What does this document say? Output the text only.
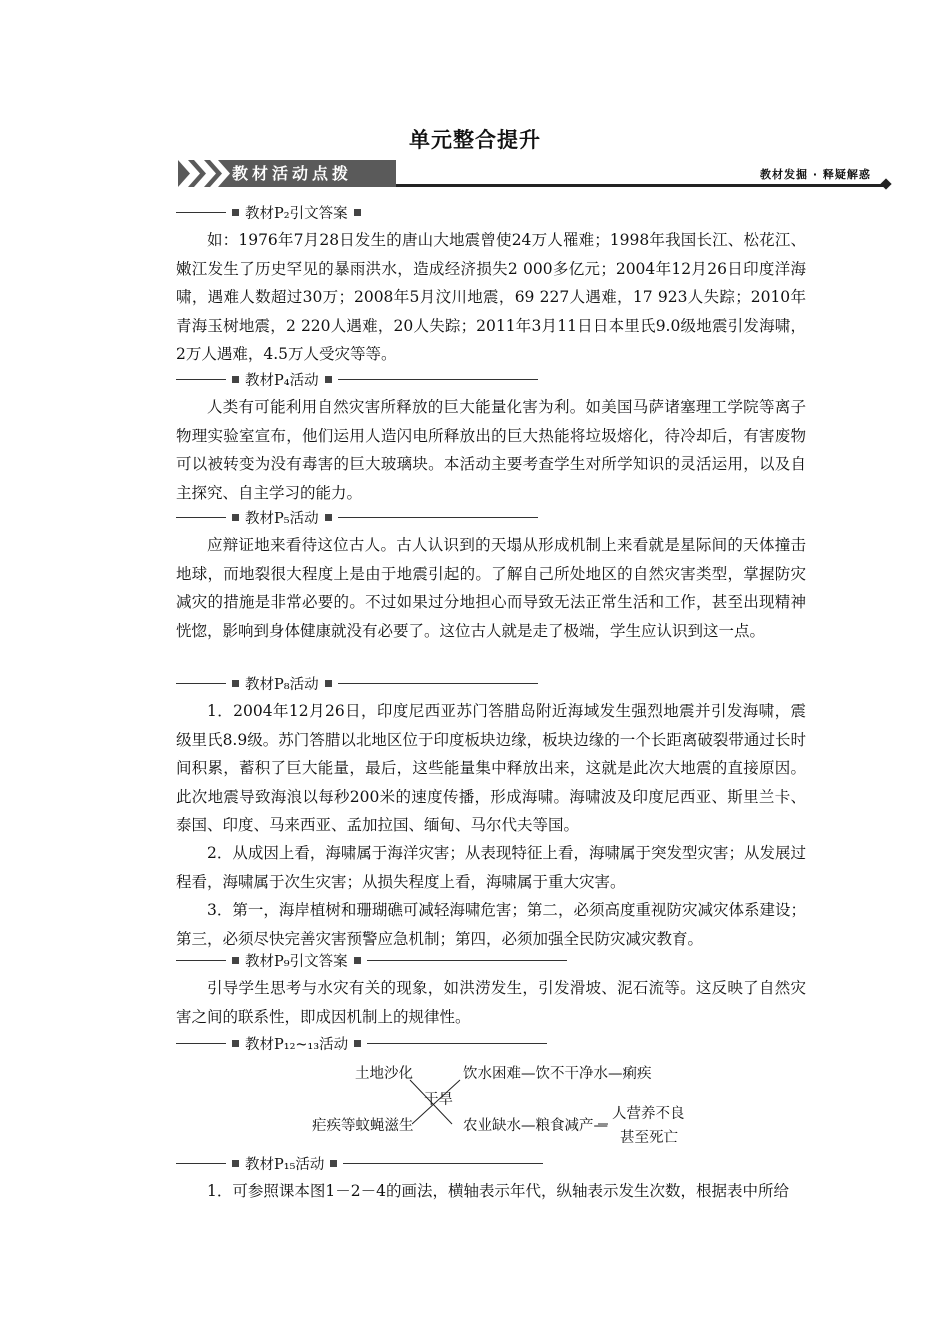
单元整合提升
教材活动点拨	教材发掘 · 释疑解惑
教材P₂引文答案

如：1976年7月28日发生的唐山大地震曾使24万人罹难；1998年我国长江、松花江、嫩江发生了历史罕见的暴雨洪水，造成经济损失2 000多亿元；2004年12月26日印度洋海啸，遇难人数超过30万；2008年5月汶川地震，69 227人遇难，17 923人失踪；2010年青海玉树地震，2 220人遇难，20人失踪；2011年3月11日日本里氏9.0级地震引发海啸，2万人遇难，4.5万人受灾等等。

教材P₄活动

人类有可能利用自然灾害所释放的巨大能量化害为利。如美国马萨诸塞理工学院等离子物理实验室宣布，他们运用人造闪电所释放出的巨大热能将垃圾熔化，待冷却后，有害废物可以被转变为没有毒害的巨大玻璃块。本活动主要考查学生对所学知识的灵活运用，以及自主探究、自主学习的能力。

教材P₅活动

应辩证地来看待这位古人。古人认识到的天塌从形成机制上来看就是星际间的天体撞击地球，而地裂很大程度上是由于地震引起的。了解自己所处地区的自然灾害类型，掌握防灾减灾的措施是非常必要的。不过如果过分地担心而导致无法正常生活和工作，甚至出现精神恍惚，影响到身体健康就没有必要了。这位古人就是走了极端，学生应认识到这一点。

教材P₈活动

1．2004年12月26日，印度尼西亚苏门答腊岛附近海域发生强烈地震并引发海啸，震级里氏8.9级。苏门答腊以北地区位于印度板块边缘，板块边缘的一个长距离破裂带通过长时间积累，蓄积了巨大能量，最后，这些能量集中释放出来，这就是此次大地震的直接原因。此次地震导致海浪以每秒200米的速度传播，形成海啸。海啸波及印度尼西亚、斯里兰卡、泰国、印度、马来西亚、孟加拉国、缅甸、马尔代夫等国。

2．从成因上看，海啸属于海洋灾害；从表现特征上看，海啸属于突发型灾害；从发展过程看，海啸属于次生灾害；从损失程度上看，海啸属于重大灾害。

3．第一，海岸植树和珊瑚礁可减轻海啸危害；第二，必须高度重视防灾减灾体系建设；第三，必须尽快完善灾害预警应急机制；第四，必须加强全民防灾减灾教育。

教材P₉引文答案

引导学生思考与水灾有关的现象，如洪涝发生，引发滑坡、泥石流等。这反映了自然灾害之间的联系性，即成因机制上的规律性。

教材P₁₂~₁₃活动
土地沙化
干旱
饮水困难—饮不干净水—痢疾
疟疾等蚊蝇滋生	农业缺水—粮食减产—
人营养不良
甚至死亡
教材P₁₅活动

1．可参照课本图1－2－4的画法，横轴表示年代，纵轴表示发生次数，根据表中所给
